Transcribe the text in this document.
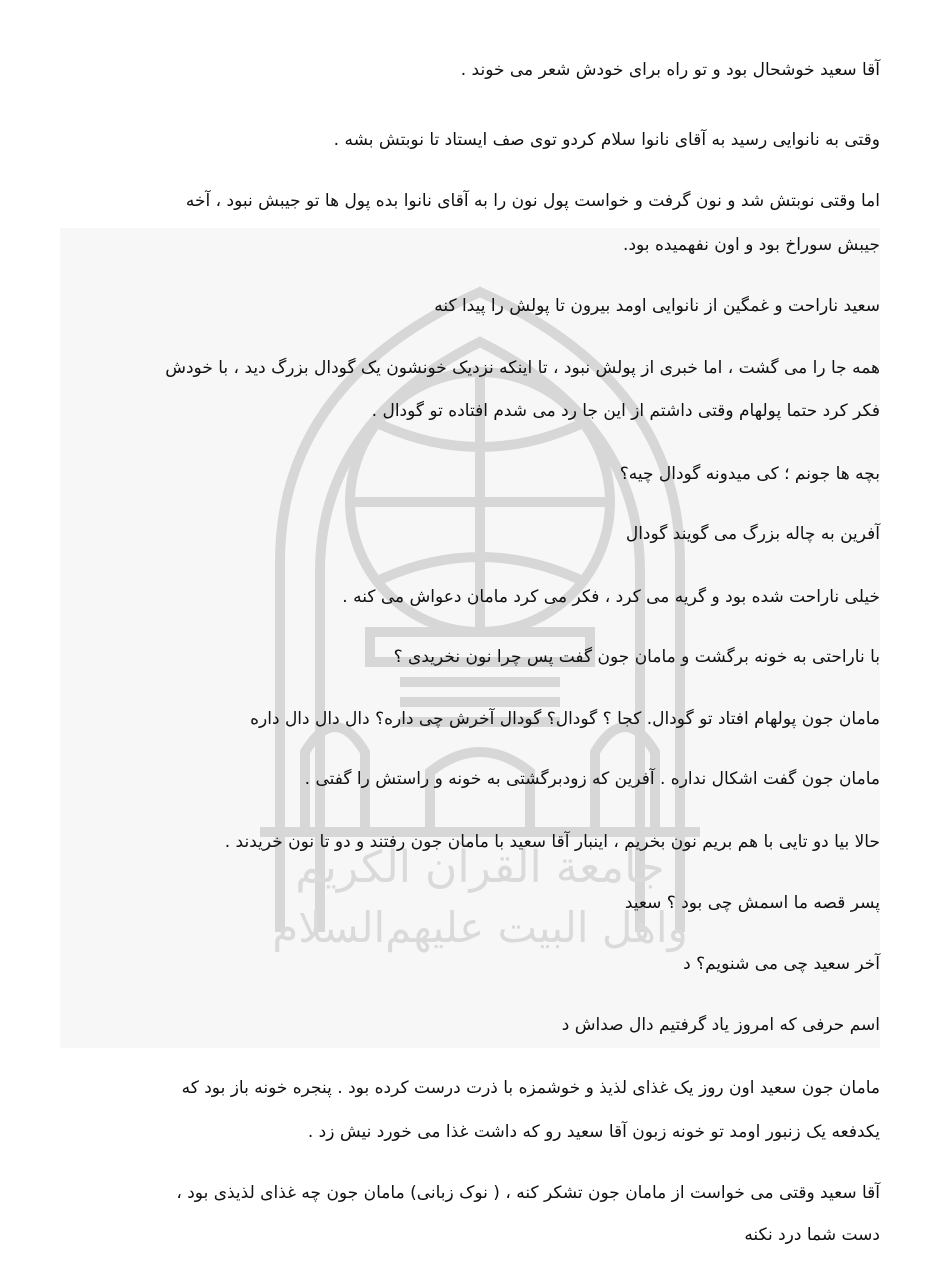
جامعة القرآن الكريم
واهل البيت عليهم‌السلام
آقا سعید خوشحال بود و تو راه برای خودش شعر می خوند .
وقتی به نانوایی رسید به آقای نانوا سلام کردو توی صف ایستاد تا نوبتش بشه .
اما وقتی نوبتش شد و نون گرفت و خواست پول نون را به آقای نانوا بده پول ها تو جیبش نبود ، آخه
جیبش سوراخ بود و اون نفهمیده بود.
سعید ناراحت و غمگین از نانوایی اومد بیرون تا پولش را پیدا کنه
همه جا را می گشت ، اما خبری از پولش نبود ، تا اینکه نزدیک خونشون یک گودال بزرگ دید ، با خودش
فکر کرد حتما پولهام وقتی داشتم از این جا رد می شدم افتاده تو گودال .
بچه ها جونم ؛ کی میدونه گودال چیه؟
آفرین به چاله بزرگ می گویند گودال
خیلی ناراحت شده بود و گریه می کرد ، فکر می کرد مامان دعواش می کنه .
با ناراحتی به خونه برگشت و مامان جون گفت پس چرا نون نخریدی ؟
مامان جون پولهام افتاد تو گودال. کجا ؟ گودال؟ گودال آخرش چی داره؟ دال دال دال داره
مامان جون گفت اشکال نداره . آفرین که زودبرگشتی به خونه و راستش را گفتی .
حالا بیا دو تایی با هم بریم نون بخریم ، اینبار آقا سعید با مامان جون رفتند و دو تا نون خریدند .
پسر قصه ما اسمش چی بود ؟ سعید
آخر سعید چی می شنویم؟ د
اسم حرفی که امروز یاد گرفتیم دال صداش د
مامان جون سعید اون روز یک غذای لذیذ و خوشمزه با ذرت درست کرده بود . پنجره خونه باز بود که
یکدفعه یک زنبور اومد تو خونه زبون آقا سعید رو که داشت غذا می خورد نیش زد .
آقا سعید وقتی می خواست از مامان جون تشکر کنه ، ( نوک زبانی) مامان جون چه غذای لذیذی بود ،
دست شما درد نکنه
